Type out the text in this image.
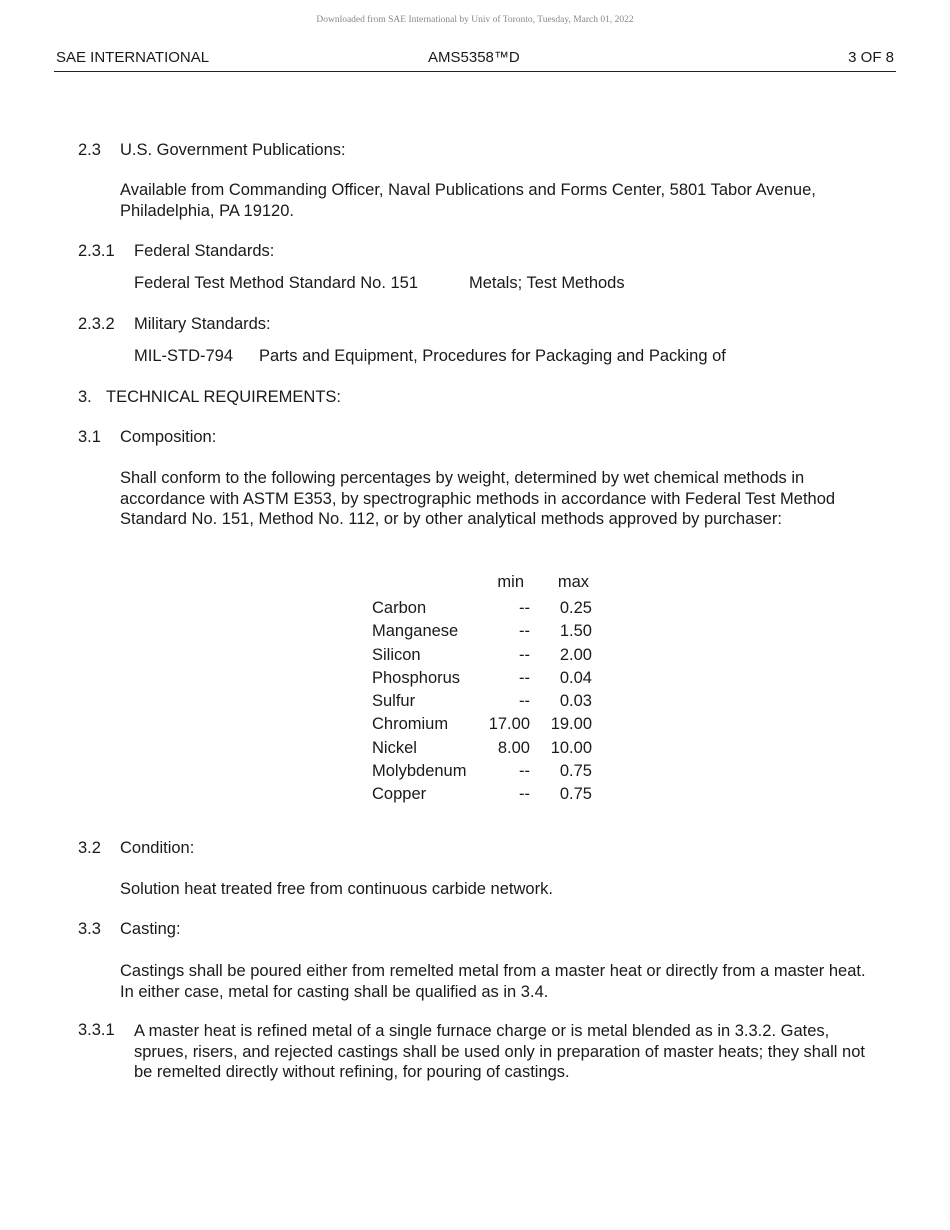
Downloaded from SAE International by Univ of Toronto, Tuesday, March 01, 2022
SAE INTERNATIONAL	AMS5358™D	3 OF 8
2.3 U.S. Government Publications:
Available from Commanding Officer, Naval Publications and Forms Center, 5801 Tabor Avenue, Philadelphia, PA 19120.
2.3.1 Federal Standards:
Federal Test Method Standard No. 151	Metals; Test Methods
2.3.2 Military Standards:
MIL-STD-794 Parts and Equipment, Procedures for Packaging and Packing of
3. TECHNICAL REQUIREMENTS:
3.1 Composition:
Shall conform to the following percentages by weight, determined by wet chemical methods in accordance with ASTM E353, by spectrographic methods in accordance with Federal Test Method Standard No. 151, Method No. 112, or by other analytical methods approved by purchaser:
min max
Carbon	-- 0.25
Manganese	-- 1.50
Silicon	-- 2.00
Phosphorus	-- 0.04
Sulfur	-- 0.03
Chromium 17.00 19.00
Nickel	8.00 10.00
Molybdenum	-- 0.75
Copper	-- 0.75
3.2 Condition:
Solution heat treated free from continuous carbide network.
3.3 Casting:
Castings shall be poured either from remelted metal from a master heat or directly from a master heat. In either case, metal for casting shall be qualified as in 3.4.
3.3.1 A master heat is refined metal of a single furnace charge or is metal blended as in 3.3.2. Gates, sprues, risers, and rejected castings shall be used only in preparation of master heats; they shall not be remelted directly without refining, for pouring of castings.
